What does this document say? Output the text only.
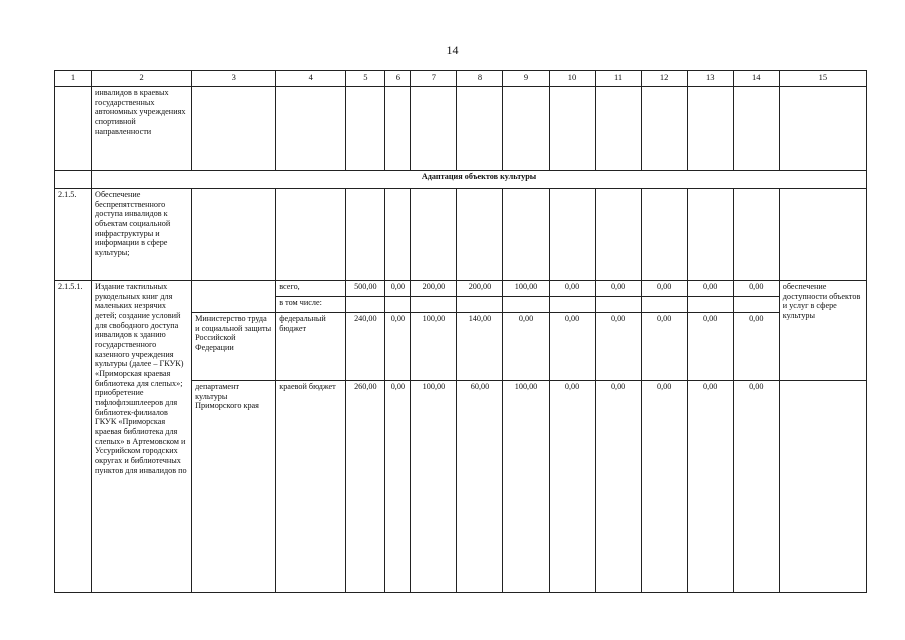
14
1	2	3	4	5	6	7	8	9	10	11	12	13	14	15
	инвалидов в краевых государственных автономных учреждениях спортивной направленности													
	Адаптация объектов культуры													
2.1.5.	Обеспечение беспрепятственного доступа инвалидов к объектам социальной инфраструктуры и информации в сфере культуры;													
2.1.5.1.	Издание тактильных рукодельных книг для маленьких незрячих детей; создание условий для свободного доступа инвалидов к зданию государственного казенного учреждения культуры (далее – ГКУК) «Приморская краевая библиотека для слепых»; приобретение тифлофлэшплееров для библиотек-филиалов ГКУК «Приморская краевая библиотека для слепых» в Артемовском и Уссурийском городских округах и библиотечных пунктов для инвалидов по		всего,	500,00	0,00	200,00	200,00	100,00	0,00	0,00	0,00	0,00	0,00	обеспечение доступности объектов и услуг в сфере культуры
			в том числе:											
		Министерство труда и социальной защиты Российской Федерации	федеральный бюджет	240,00	0,00	100,00	140,00	0,00	0,00	0,00	0,00	0,00	0,00	
		департамент культуры Приморского края	краевой бюджет	260,00	0,00	100,00	60,00	100,00	0,00	0,00	0,00	0,00	0,00	
